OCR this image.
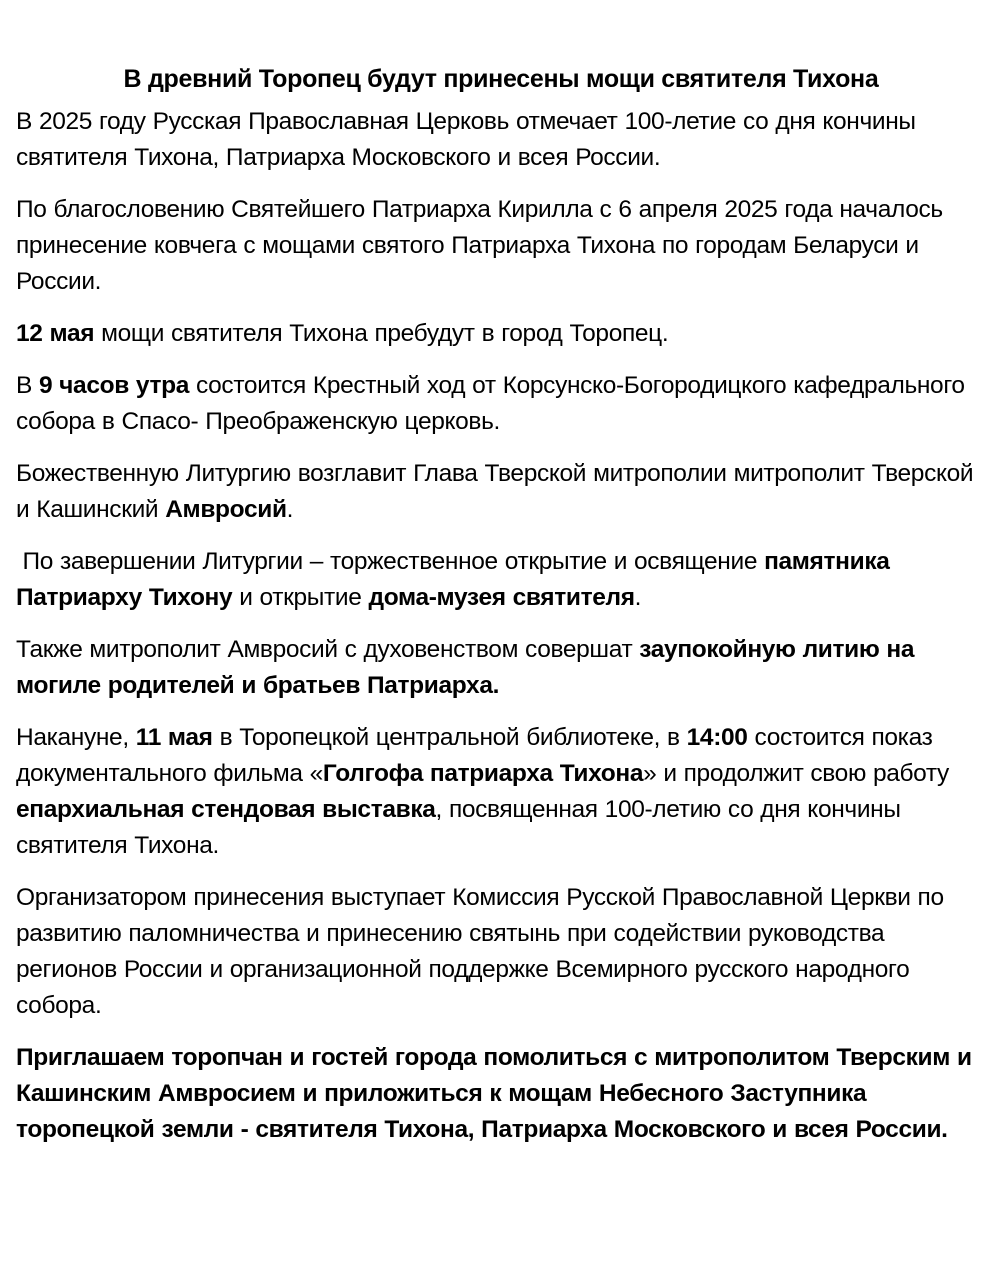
В древний Торопец будут принесены мощи святителя Тихона

В 2025 году Русская Православная Церковь отмечает 100-летие со дня кончины святителя Тихона, Патриарха Московского и всея России.

По благословению Святейшего Патриарха Кирилла с 6 апреля 2025 года началось принесение ковчега с мощами святого Патриарха Тихона по городам Беларуси и России.

12 мая мощи святителя Тихона пребудут в город Торопец.

В 9 часов утра состоится Крестный ход от Корсунско-Богородицкого кафедрального собора в Спасо- Преображенскую церковь.

Божественную Литургию возглавит Глава Тверской митрополии митрополит Тверской и Кашинский Амвросий.

По завершении Литургии – торжественное открытие и освящение памятника Патриарху Тихону и открытие дома-музея святителя.

Также митрополит Амвросий с духовенством совершат заупокойную литию на могиле родителей и братьев Патриарха.

Накануне, 11 мая в Торопецкой центральной библиотеке, в 14:00 состоится показ документального фильма «Голгофа патриарха Тихона» и продолжит свою работу епархиальная стендовая выставка, посвященная 100-летию со дня кончины святителя Тихона.

Организатором принесения выступает Комиссия Русской Православной Церкви по развитию паломничества и принесению святынь при содействии руководства регионов России и организационной поддержке Всемирного русского народного собора.

Приглашаем торопчан и гостей города помолиться с митрополитом Тверским и Кашинским Амвросием и приложиться к мощам Небесного Заступника торопецкой земли - святителя Тихона, Патриарха Московского и всея России.
